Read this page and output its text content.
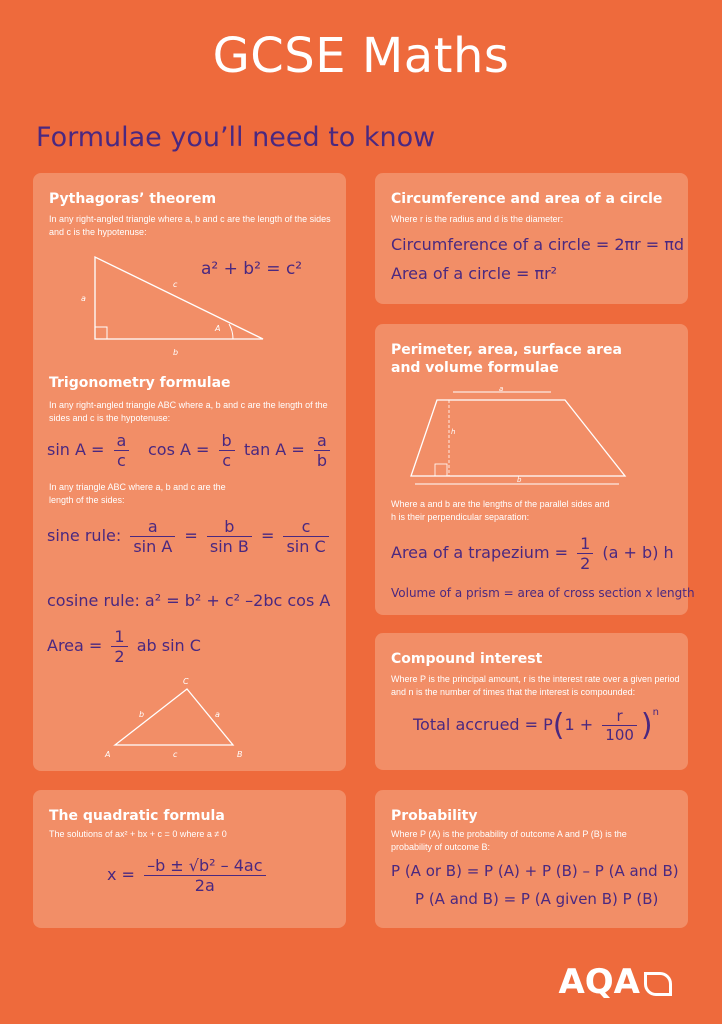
GCSE Maths
Formulae you’ll need to know
Pythagoras’ theorem
In any right-angled triangle where a, b and c are the length of the sides and c is the hypotenuse:
a
c
b
A
a² + b² = c²
Trigonometry formulae
In any right-angled triangle ABC where a, b and c are the length of the sides and c is the hypotenuse:
$\sin A = \frac{a}{c}$ $\cos A = \frac{b}{c}$ $\tan A = \frac{a}{b}$
In any triangle ABC where a, b and c are the length of the sides:
sine rule: $\frac{a}{\text{sin A}} = \frac{b}{\text{sin B}} = \frac{c}{\text{sin C}}$
cosine rule: a² = b² + c² –2bc cos A
Area = $\frac{1}{2}$ ab sin C
C
A	B
b	a
c
Circumference and area of a circle
Where r is the radius and d is the diameter:
Circumference of a circle = 2πr = πd
Area of a circle = πr²
Perimeter, area, surface area
and volume formulae
a
h
b
Where a and b are the lengths of the parallel sides and h is their perpendicular separation:
Area of a trapezium = $\frac{1}{2} (a + b)$ h
Volume of a prism = area of cross section x length
Compound interest
Where P is the principal amount, r is the interest rate over a given period and n is the number of times that the interest is compounded:
Total accrued = $P(1 + \frac{r}{100} )^n$
The quadratic formula
The solutions of ax² + bx + c = 0 where a ≠ 0
$x = \frac{\text{–b ± √b² – 4ac}}{2a}$
Probability
Where P (A) is the probability of outcome A and P (B) is the probability of outcome B:
P (A or B) = P (A) + P (B) – P (A and B)
P (A and B) = P (A given B) P (B)
AQA
